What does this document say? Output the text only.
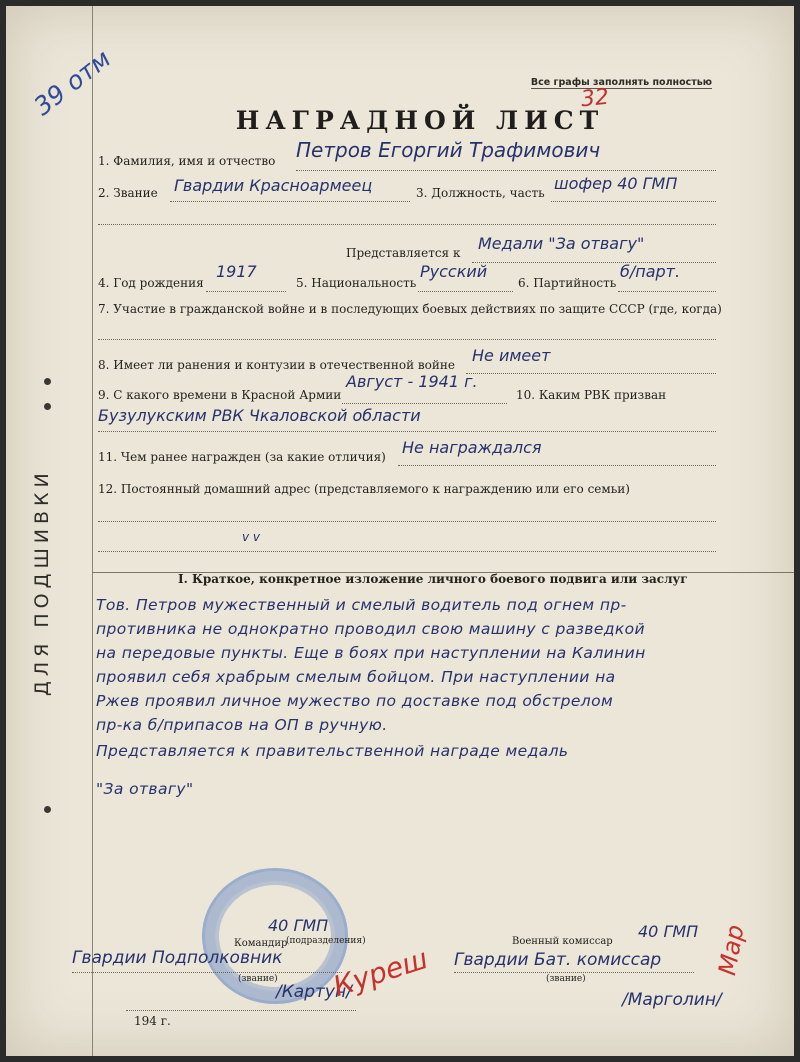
ДЛЯ ПОДШИВКИ
39 отм	Все графы заполнять полностью
32
НАГРАДНОЙ ЛИСТ
1. Фамилия, имя и отчество Петров Егоргий Трафимович
2. Звание Гвардии Красноармеец	3. Должность, часть шофер 40 ГМП
Представляется к Медали "За отвагу"
4. Год рождения
1917
5. Национальность
Русский
6. Партийность
б/парт.
7. Участие в гражданской войне и в последующих боевых действиях по защите СССР (где, когда)
8. Имеет ли ранения и контузии в отечественной войне Не имеет
9. С какого времени в Красной Армии
Август - 1941 г.
10. Каким РВК призван
Бузулукским РВК Чкаловской области
11. Чем ранее награжден (за какие отличия) Не награждался
12. Постоянный домашний адрес (представляемого к награждению или его семьи)
v v
I. Краткое, конкретное изложение личного боевого подвига или заслуг
Тов. Петров мужественный и смелый водитель под огнем пр-
противника не однократно проводил свою машину с разведкой
на передовые пункты. Еще в боях при наступлении на Калинин
проявил себя храбрым смелым бойцом. При наступлении на
Ржев проявил личное мужество по доставке под обстрелом
пр-ка б/припасов на ОП в ручную.
Представляется к правительственной награде медаль
"За отвагу"
Командир
(подразделения)
40 ГМП
Гвардии Подполковник
(звание)
/Картун/
Куреш
Военный комиссар
40 ГМП
Гвардии Бат. комиссар
(звание)
/Марголин/
Мар
194 г.
